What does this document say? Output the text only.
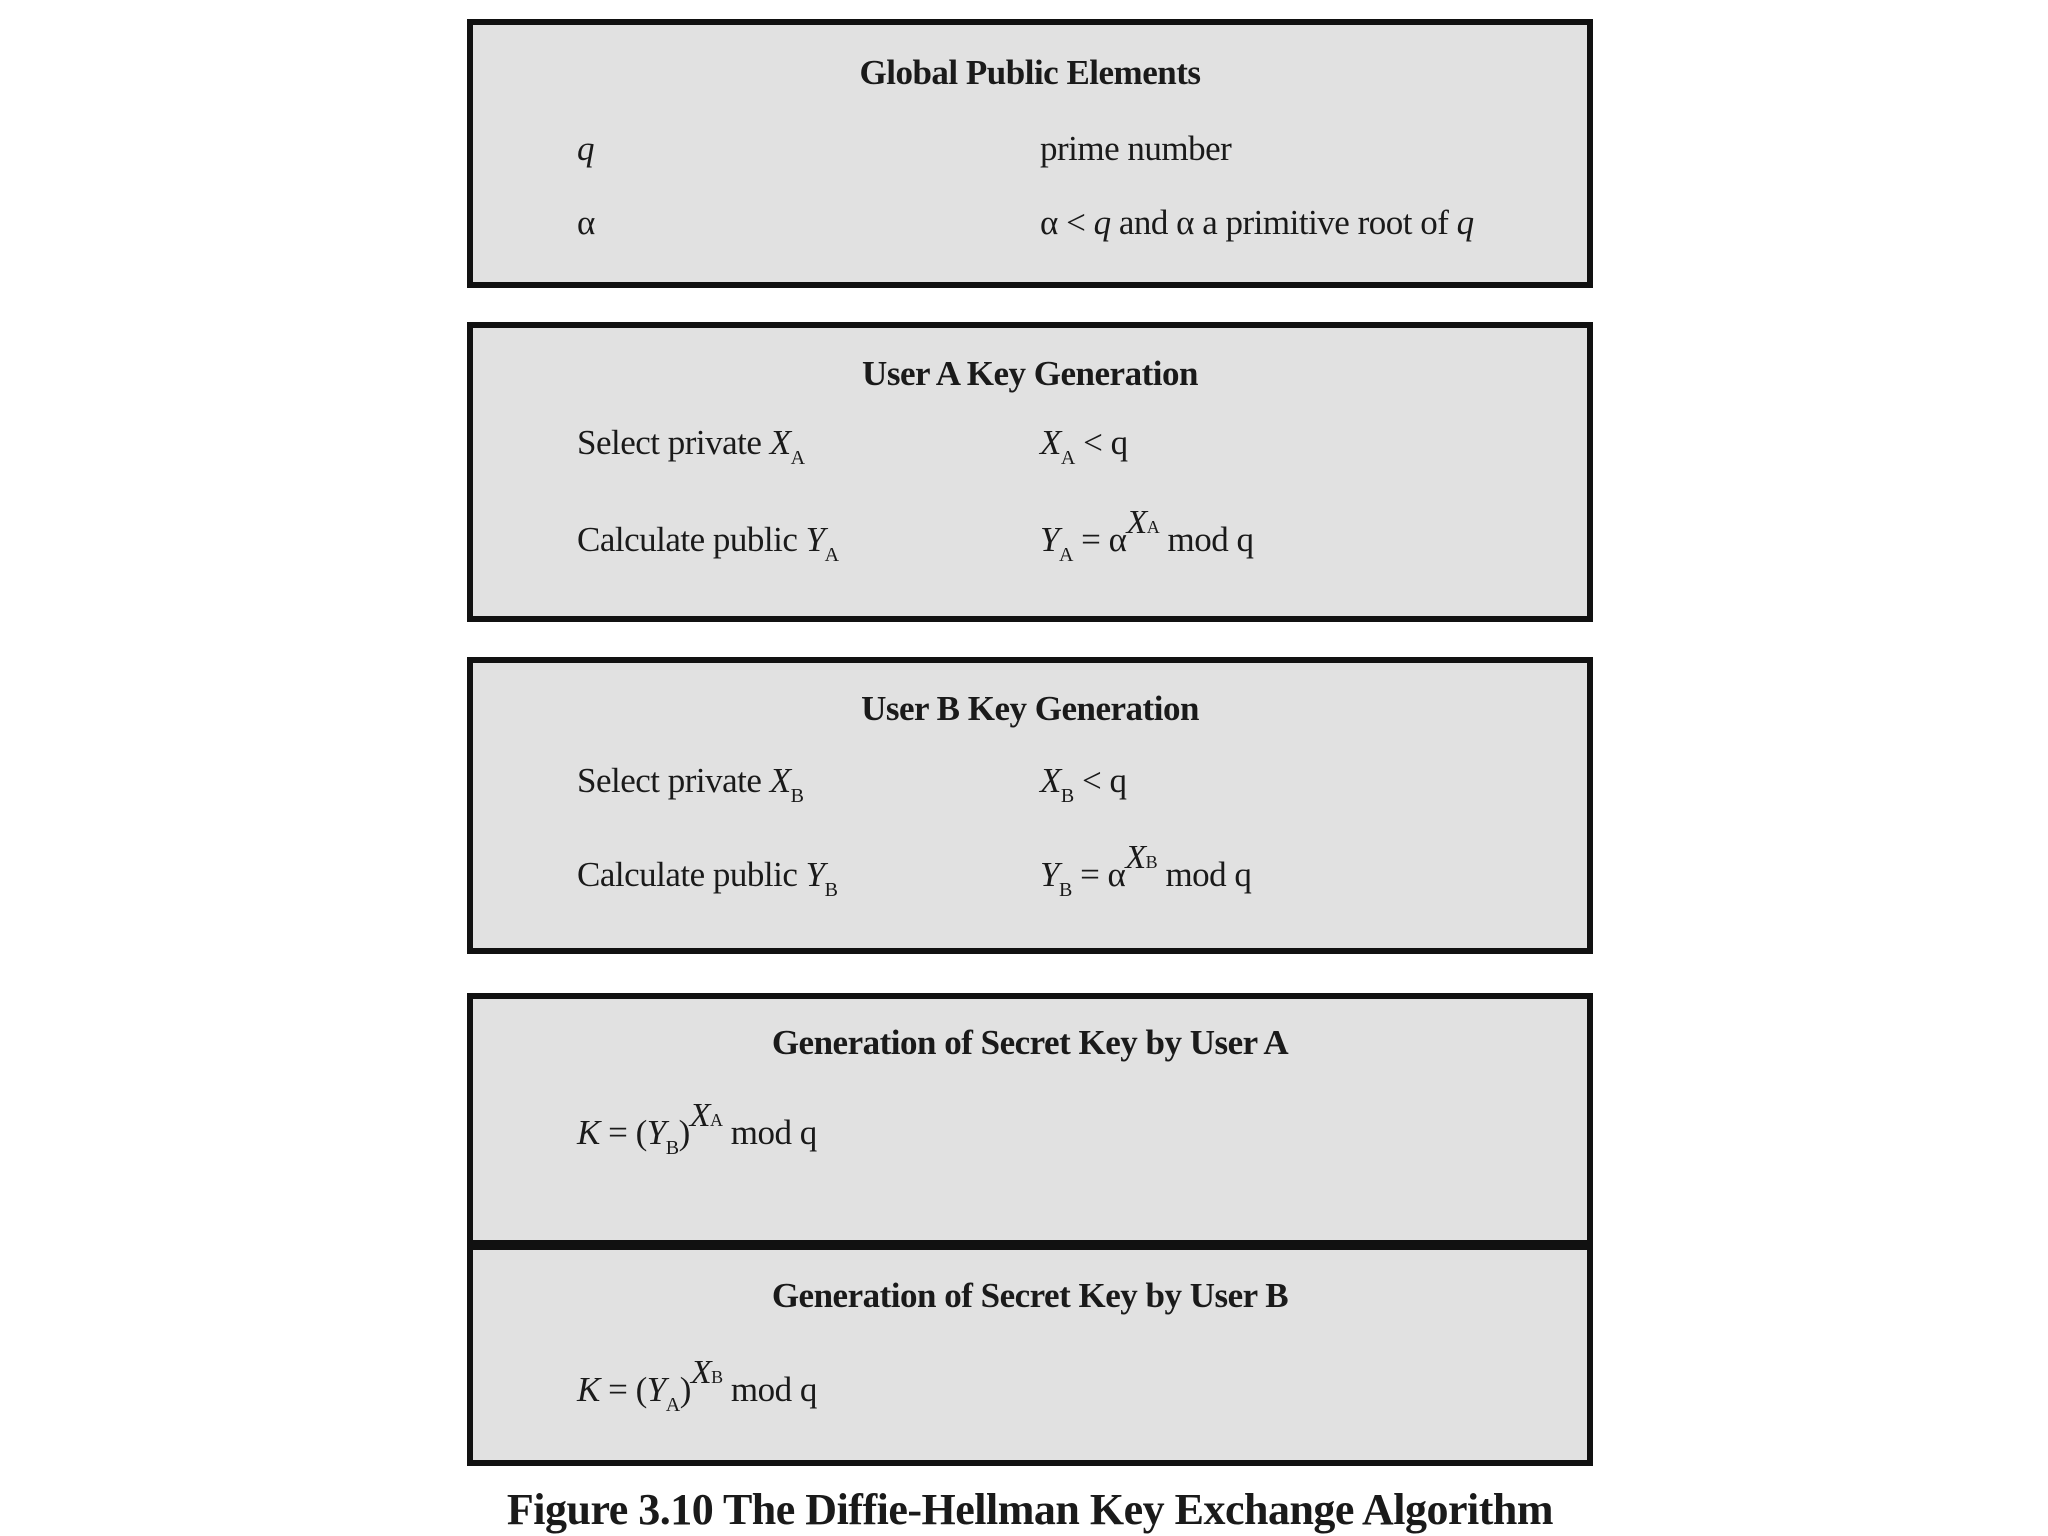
Global Public Elements
q	prime number
α	α < q and α a primitive root of q
User A Key Generation
Select private $X_A$	$X_A < q$
Calculate public $Y_A$	$Y_A = \alpha XA$ mod q
User B Key Generation
Select private $X_B$	$X_B < q$
Calculate public $Y_B$	$Y_B = \alpha XB$ mod q
Generation of Secret Key by User A
$K = (Y_B)XA$ mod q
Generation of Secret Key by User B
$K = (Y_A)XB$ mod q
Figure 3.10 The Diffie-Hellman Key Exchange Algorithm
